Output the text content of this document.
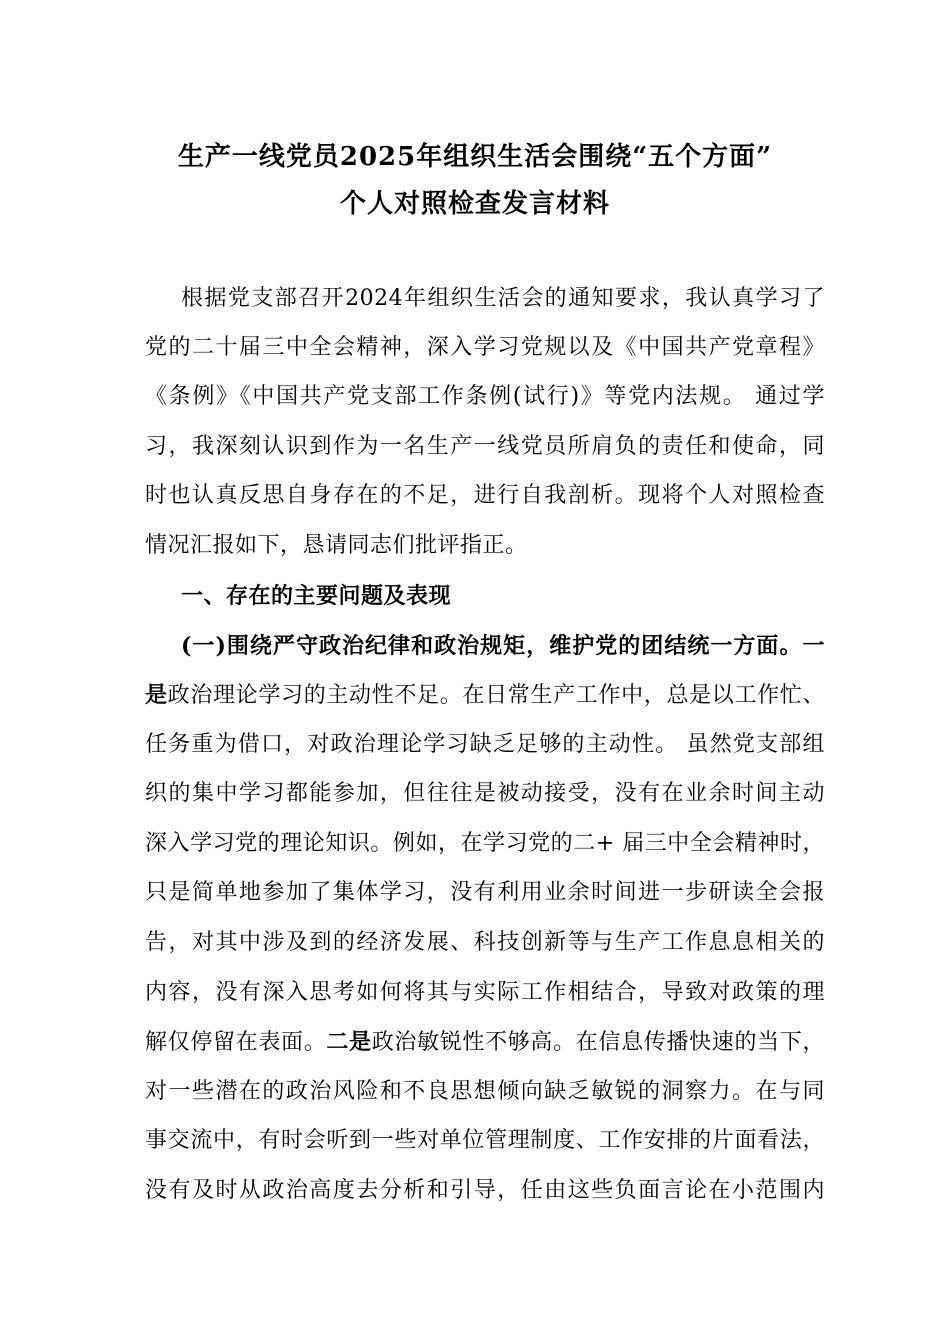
生产一线党员2025年组织生活会围绕“五个方面”
个人对照检查发言材料
根据党支部召开2024年组织生活会的通知要求，我认真学习了
党的二十届三中全会精神，深入学习党规以及《中国共产党章程》
《条例》《中国共产党支部工作条例(试行)》等党内法规。 通过学
习，我深刻认识到作为一名生产一线党员所肩负的责任和使命，同
时也认真反思自身存在的不足，进行自我剖析。现将个人对照检查
情况汇报如下，恳请同志们批评指正。
一、存在的主要问题及表现
(一)围绕严守政治纪律和政治规矩，维护党的团结统一方面。一
是政治理论学习的主动性不足。在日常生产工作中，总是以工作忙、
任务重为借口，对政治理论学习缺乏足够的主动性。 虽然党支部组
织的集中学习都能参加，但往往是被动接受，没有在业余时间主动
深入学习党的理论知识。例如，在学习党的二+ 届三中全会精神时，
只是简单地参加了集体学习，没有利用业余时间进一步研读全会报
告，对其中涉及到的经济发展、科技创新等与生产工作息息相关的
内容，没有深入思考如何将其与实际工作相结合，导致对政策的理
解仅停留在表面。二是政治敏锐性不够高。在信息传播快速的当下，
对一些潜在的政治风险和不良思想倾向缺乏敏锐的洞察力。在与同
事交流中，有时会听到一些对单位管理制度、工作安排的片面看法，
没有及时从政治高度去分析和引导，任由这些负面言论在小范围内
